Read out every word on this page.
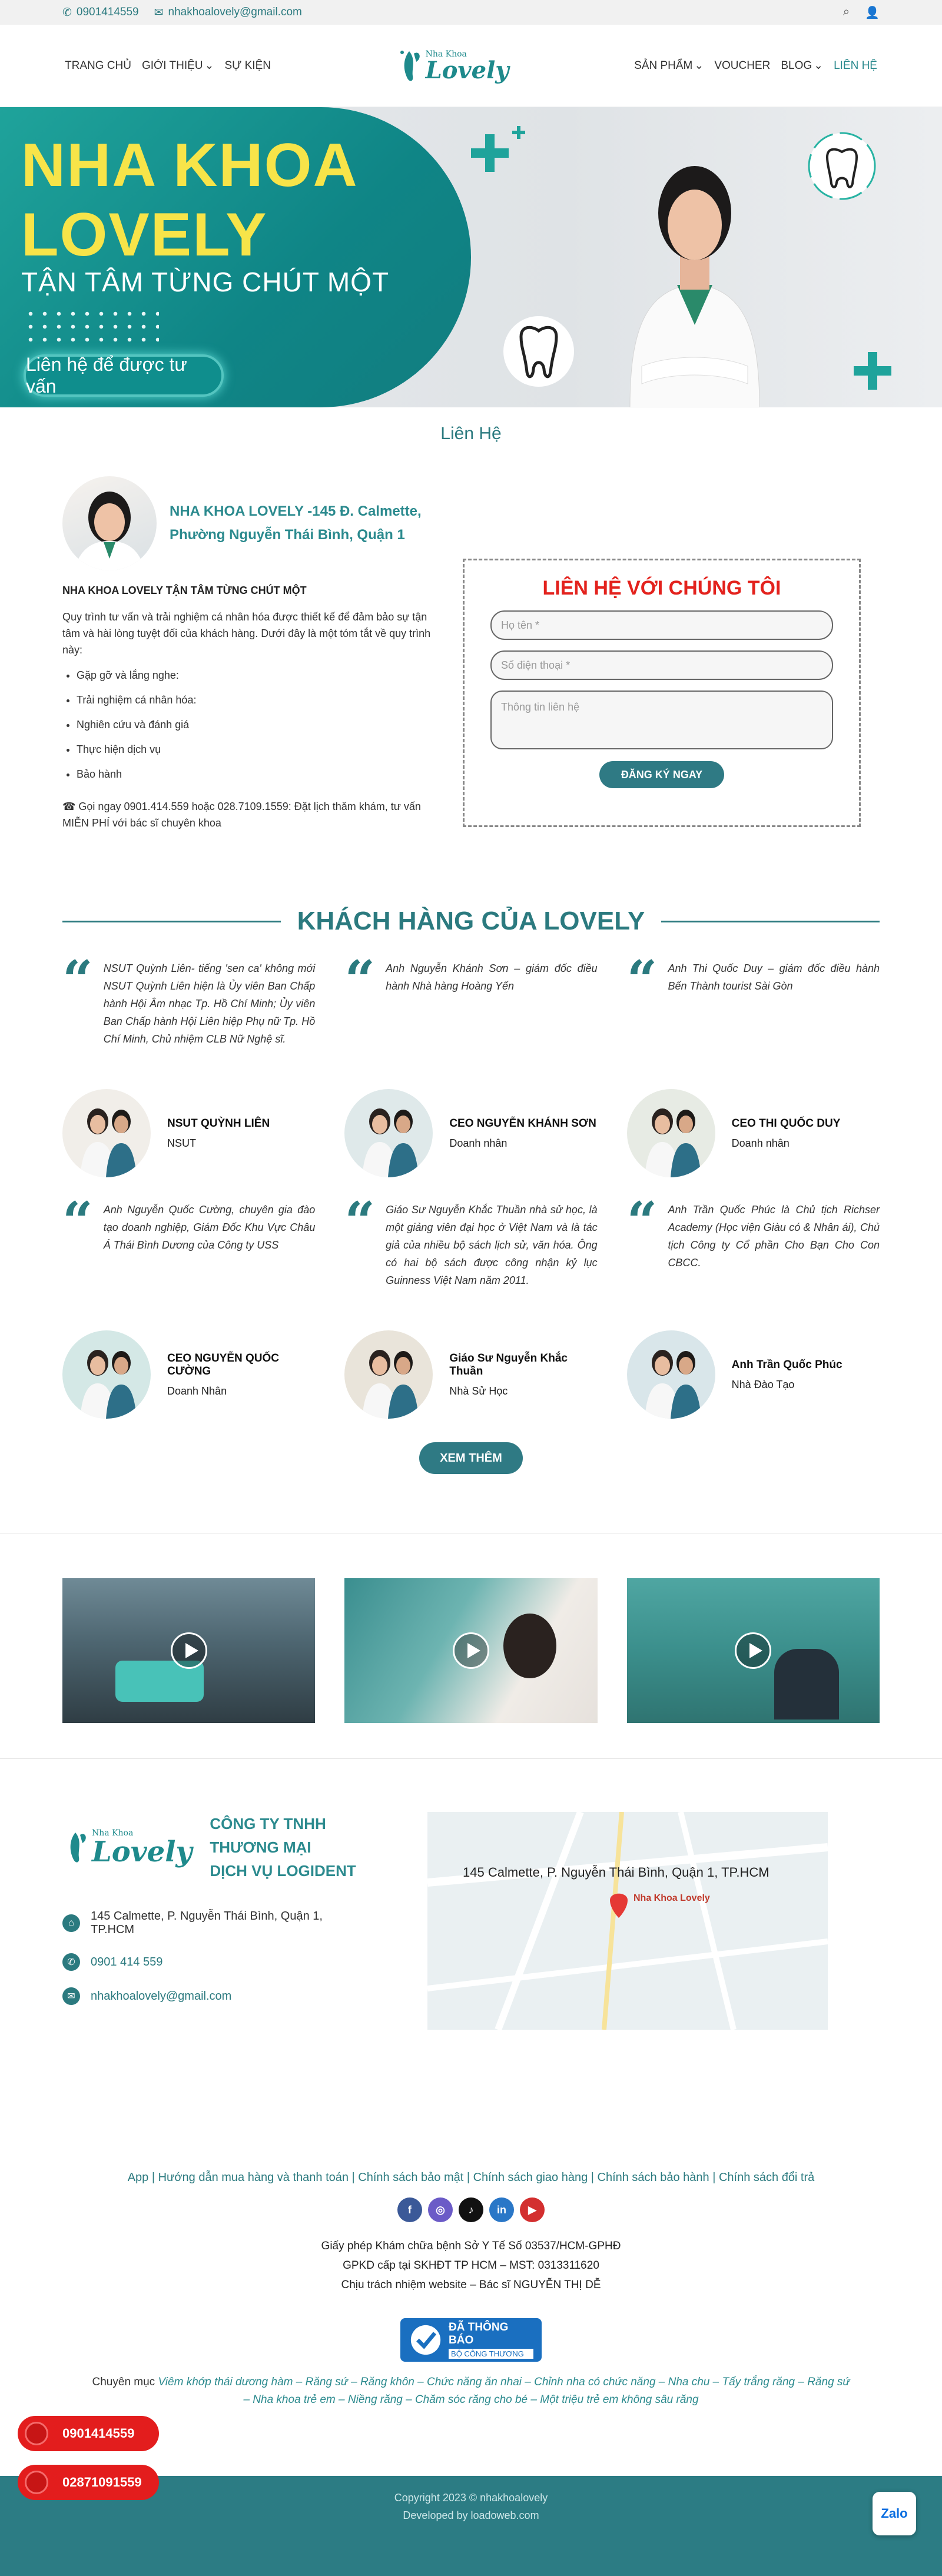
✆ 0901414559 ✉ nhakhoalovely@gmail.com	⌕ 👤
TRANG CHỦ GIỚI THIỆU ⌄ SỰ KIỆN
Nha Khoa
Lovely	SẢN PHẨM ⌄ VOUCHER BLOG ⌄ LIÊN HỆ
NHA KHOA
LOVELY
TẬN TÂM TỪNG CHÚT MỘT
Liên hệ để được tư vấn
Liên Hệ
NHA KHOA LOVELY -145 Đ. Calmette,
Phường Nguyễn Thái Bình, Quận 1
NHA KHOA LOVELY TẬN TÂM TỪNG CHÚT MỘT

Quy trình tư vấn và trải nghiệm cá nhân hóa được thiết kế để đảm bảo sự tận tâm và hài lòng tuyệt đối của khách hàng. Dưới đây là một tóm tắt về quy trình này:

• Gặp gỡ và lắng nghe:
• Trải nghiệm cá nhân hóa:
• Nghiên cứu và đánh giá
• Thực hiện dịch vụ
• Bảo hành

☎ Gọi ngay 0901.414.559 hoặc 028.7109.1559: Đặt lịch thăm khám, tư vấn MIỄN PHÍ với bác sĩ chuyên khoa

LIÊN HỆ VỚI CHÚNG TÔI
Họ tên *
Số điện thoại *
Thông tin liên hệ
ĐĂNG KÝ NGAY
KHÁCH HÀNG CỦA LOVELY
“ NSUT Quỳnh Liên- tiếng 'sen ca' không mới NSUT Quỳnh Liên hiện là Ủy viên Ban Chấp hành Hội Âm nhạc Tp. Hồ Chí Minh; Ủy viên Ban Chấp hành Hội Liên hiệp Phụ nữ Tp. Hồ Chí Minh, Chủ nhiệm CLB Nữ Nghệ sĩ.
NSUT QUỲNH LIÊN
NSUT
“ Anh Nguyễn Khánh Sơn – giám đốc điều hành Nhà hàng Hoàng Yến
CEO NGUYỄN KHÁNH SƠN
Doanh nhân
“ Anh Thi Quốc Duy – giám đốc điều hành Bến Thành tourist Sài Gòn
CEO THI QUỐC DUY
Doanh nhân
“ Anh Nguyễn Quốc Cường, chuyên gia đào tạo doanh nghiệp, Giám Đốc Khu Vực Châu Á Thái Bình Dương của Công ty USS
CEO NGUYỄN QUỐC CƯỜNG
Doanh Nhân
“ Giáo Sư Nguyễn Khắc Thuần nhà sử học, là một giảng viên đại học ở Việt Nam và là tác giả của nhiều bộ sách lịch sử, văn hóa. Ông có hai bộ sách được công nhận kỷ lục Guinness Việt Nam năm 2011.
Giáo Sư Nguyễn Khắc Thuần
Nhà Sử Học
“ Anh Trần Quốc Phúc là Chủ tịch Richser Academy (Học viện Giàu có & Nhân ái), Chủ tịch Công ty Cổ phần Cho Bạn Cho Con CBCC.
Anh Trần Quốc Phúc
Nhà Đào Tạo
XEM THÊM
Nha Khoa
Lovely
CÔNG TY TNHH THƯƠNG MẠI
DỊCH VỤ LOGIDENT
⌂
145 Calmette, P. Nguyễn Thái Bình, Quận 1, TP.HCM
✆	0901 414 559
✉	nhakhoalovely@gmail.com
145 Calmette, P. Nguyễn Thái Bình, Quận 1, TP.HCM
Nha Khoa Lovely
App | Hướng dẫn mua hàng và thanh toán | Chính sách bảo mật | Chính sách giao hàng | Chính sách bảo hành | Chính sách đổi trả
f	◎	♪	in	▶
Giấy phép Khám chữa bệnh Sở Y Tế Số 03537/HCM-GPHĐ
GPKD cấp tại SKHĐT TP HCM – MST: 0313311620
Chịu trách nhiệm website – Bác sĩ NGUYỄN THỊ DỄ
ĐÃ THÔNG BÁO
BỘ CÔNG THƯƠNG
Chuyên mục Viêm khớp thái dương hàm – Răng sứ – Răng khôn – Chức năng ăn nhai – Chỉnh nha có chức năng – Nha chu – Tẩy trắng răng – Răng sứ – Nha khoa trẻ em – Niềng răng – Chăm sóc răng cho bé – Một triệu trẻ em không sâu răng
Copyright 2023 © nhakhoalovely
Developed by loadoweb.com
0901414559
02871091559
Zalo
